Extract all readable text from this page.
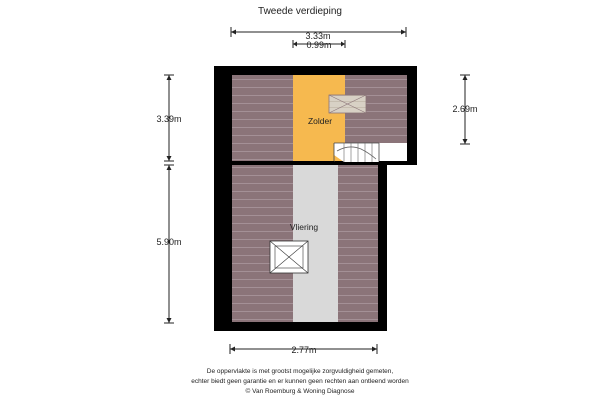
Tweede verdieping
3.33m
0.99m
3.39m
5.90m
2.69m
Zolder
Vliering
2.77m
De oppervlakte is met grootst mogelijke zorgvuldigheid gemeten,
echter biedt geen garantie en er kunnen geen rechten aan ontleend worden
© Van Roemburg & Woning Diagnose
